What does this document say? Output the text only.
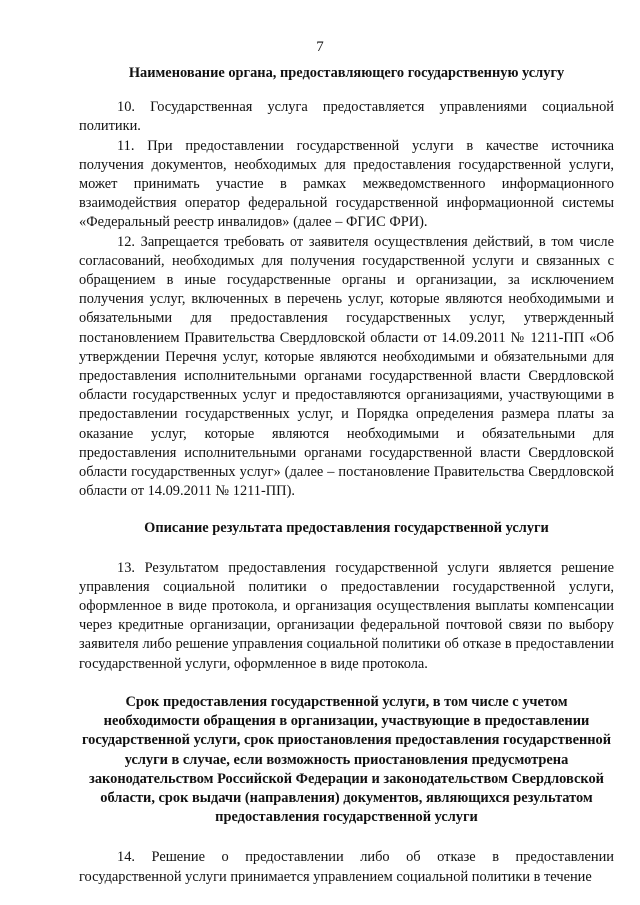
7

Наименование органа, предоставляющего государственную услугу

10. Государственная услуга предоставляется управлениями социальной политики.

11. При предоставлении государственной услуги в качестве источника получения документов, необходимых для предоставления государственной услуги, может принимать участие в рамках межведомственного информационного взаимодействия оператор федеральной государственной информационной системы «Федеральный реестр инвалидов» (далее – ФГИС ФРИ).

12. Запрещается требовать от заявителя осуществления действий, в том числе согласований, необходимых для получения государственной услуги и связанных с обращением в иные государственные органы и организации, за исключением получения услуг, включенных в перечень услуг, которые являются необходимыми и обязательными для предоставления государственных услуг, утвержденный постановлением Правительства Свердловской области от 14.09.2011 № 1211-ПП «Об утверждении Перечня услуг, которые являются необходимыми и обязательными для предоставления исполнительными органами государственной власти Свердловской области государственных услуг и предоставляются организациями, участвующими в предоставлении государственных услуг, и Порядка определения размера платы за оказание услуг, которые являются необходимыми и обязательными для предоставления исполнительными органами государственной власти Свердловской области государственных услуг» (далее – постановление Правительства Свердловской области от 14.09.2011 № 1211-ПП).

Описание результата предоставления государственной услуги

13. Результатом предоставления государственной услуги является решение управления социальной политики о предоставлении государственной услуги, оформленное в виде протокола, и организация осуществления выплаты компенсации через кредитные организации, организации федеральной почтовой связи по выбору заявителя либо решение управления социальной политики об отказе в предоставлении государственной услуги, оформленное в виде протокола.

Срок предоставления государственной услуги, в том числе с учетом необходимости обращения в организации, участвующие в предоставлении государственной услуги, срок приостановления предоставления государственной услуги в случае, если возможность приостановления предусмотрена законодательством Российской Федерации и законодательством Свердловской области, срок выдачи (направления) документов, являющихся результатом предоставления государственной услуги

14. Решение о предоставлении либо об отказе в предоставлении государственной услуги принимается управлением социальной политики в течение
